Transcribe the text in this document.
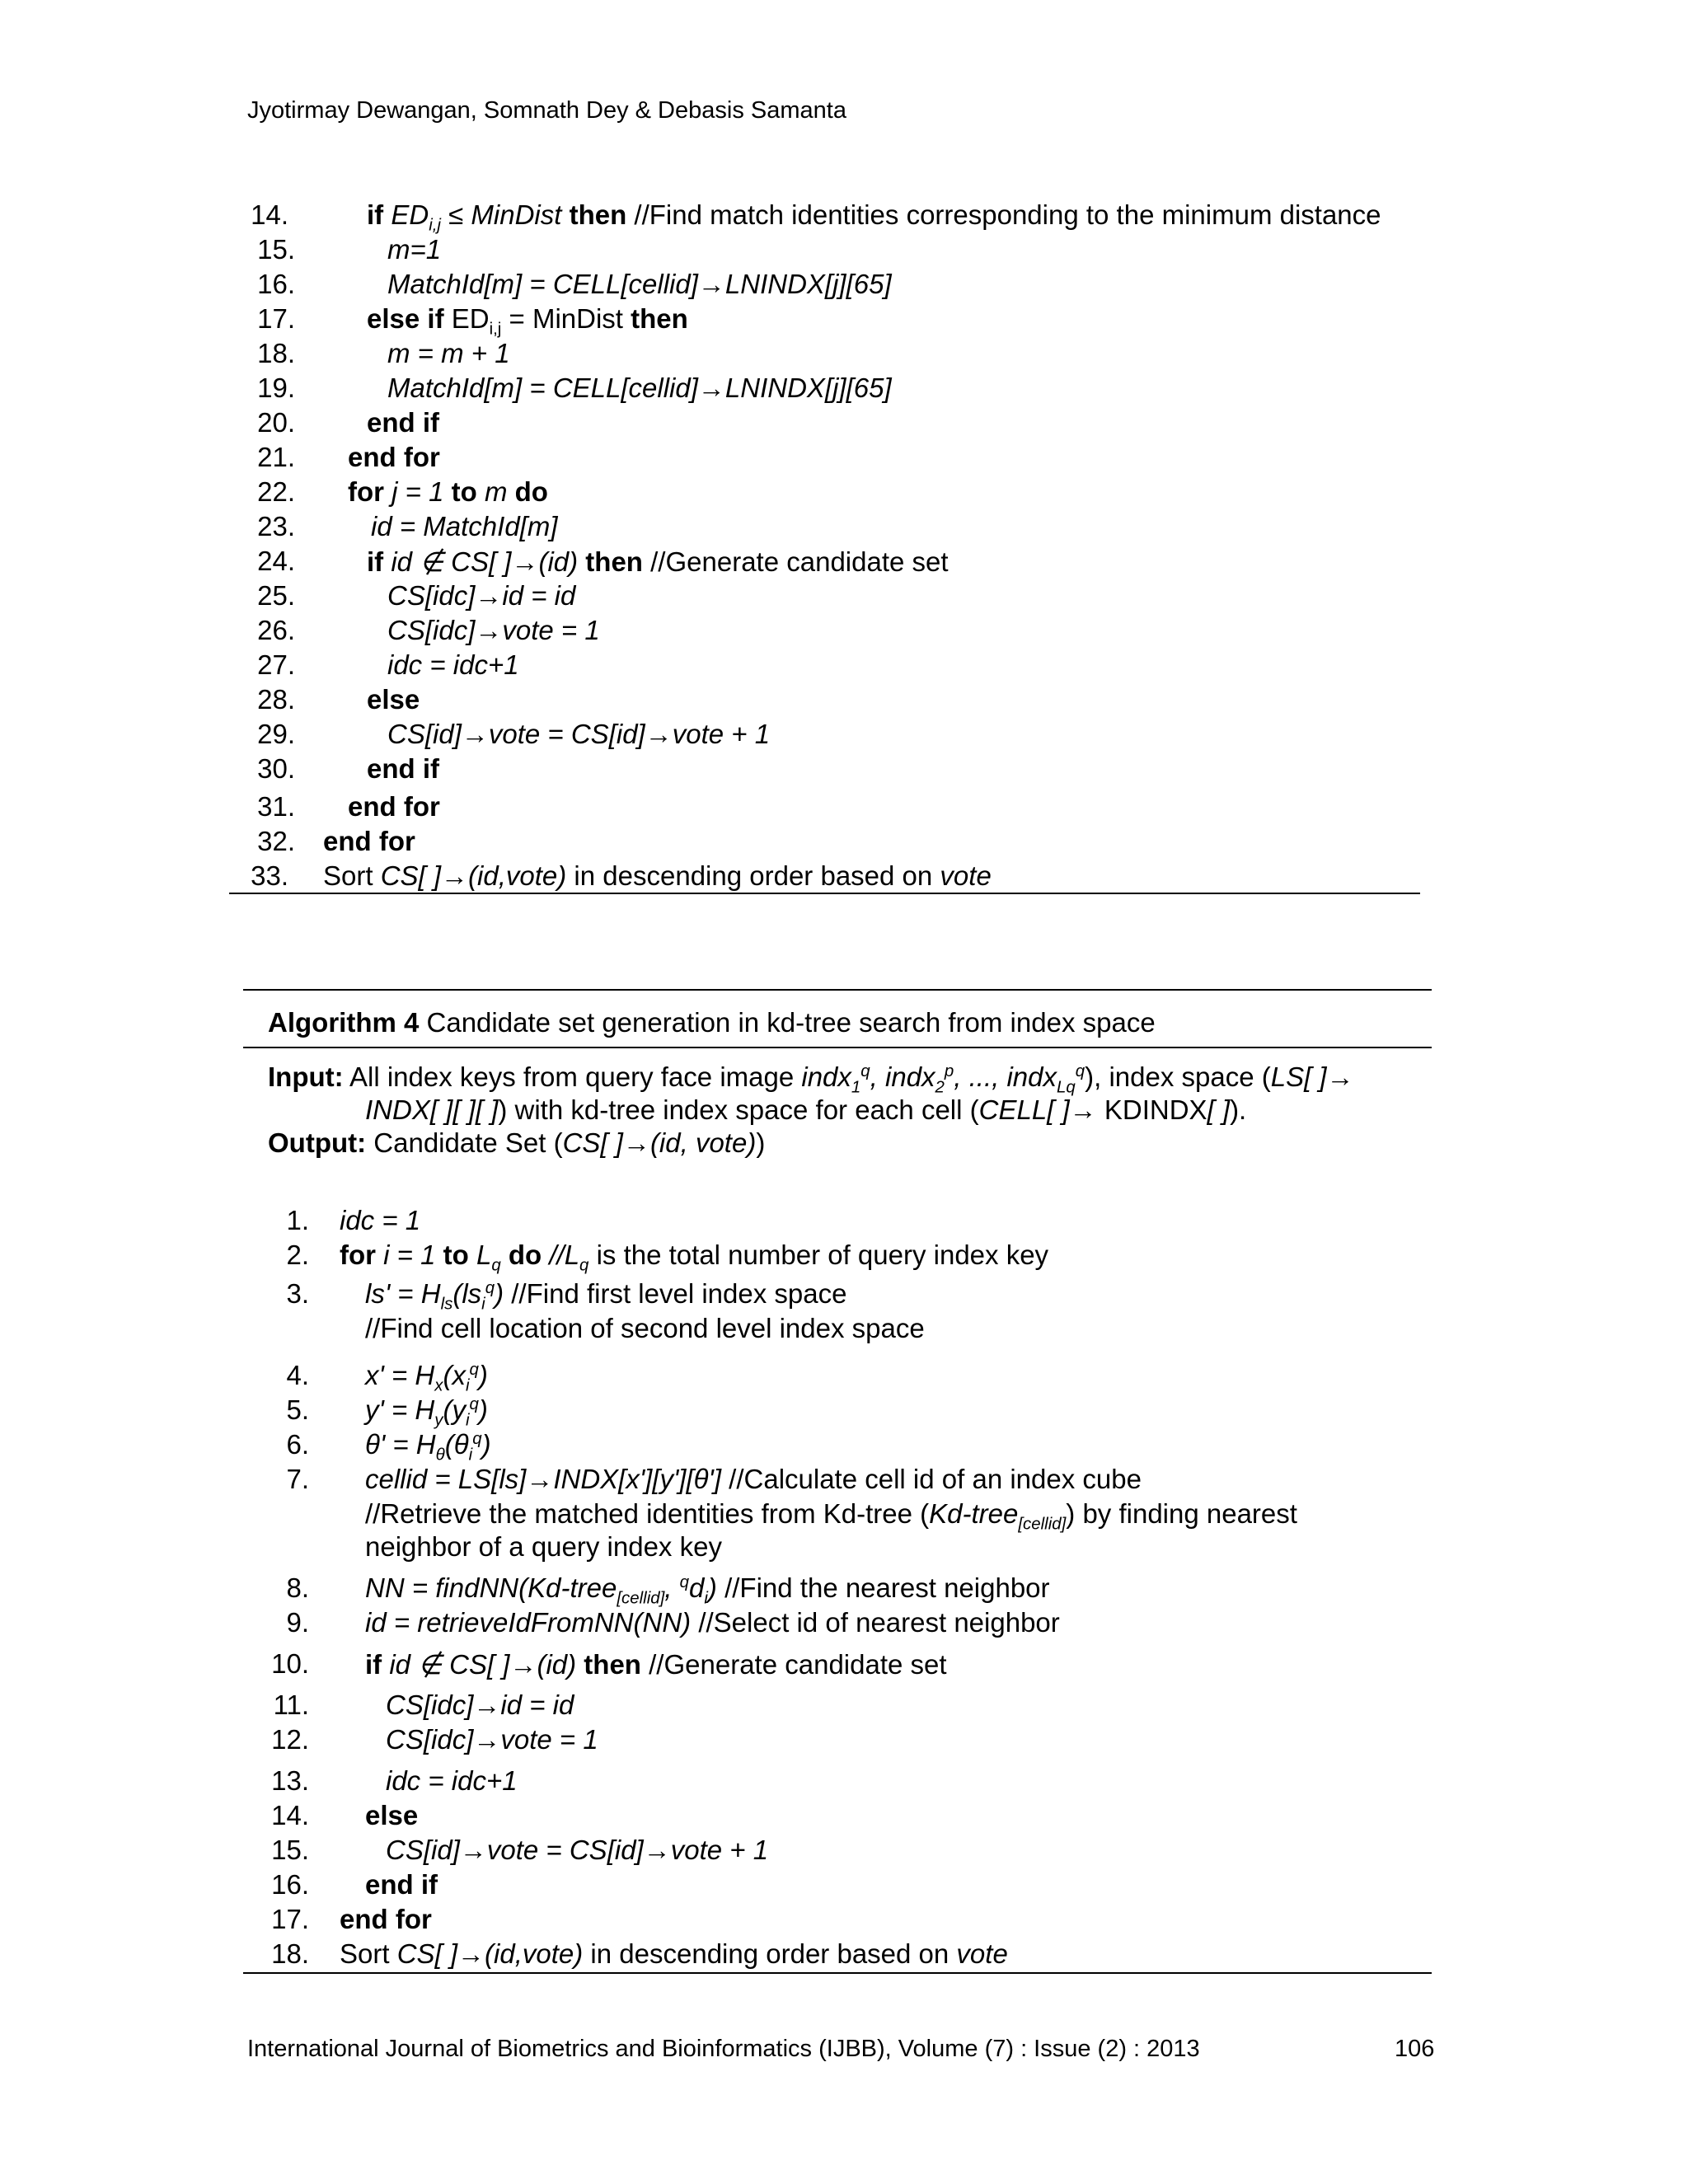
Jyotirmay Dewangan, Somnath Dey & Debasis Samanta
14.	if $ED_{i,j}$ ≤ MinDist then //Find match identities corresponding to the minimum distance
15.	m=1
16.	MatchId[m] = CELL[cellid]→LNINDX[j][65]
17.	else if $ED_{i,j}$ = MinDist then
18.	m = m + 1
19.	MatchId[m] = CELL[cellid]→LNINDX[j][65]
20.	end if
21. end for
22. for j = 1 to m do
23.	id = MatchId[m]
24.	if id ∉ CS[ ]→(id) then //Generate candidate set
25.	CS[idc]→id = id
26.	CS[idc]→vote = 1
27.	idc = idc+1
28.	else
29.	CS[id]→vote = CS[id]→vote + 1
30.	end if
31. end for
32. end for
33. Sort CS[ ]→(id,vote) in descending order based on vote
Algorithm 4 Candidate set generation in kd-tree search from index space
Input: All index keys from query face image indx$_1^q$, indx$_2^p$, ..., indx$_{Lq}^q$), index space (LS[ ]→
INDX[ ][ ][ ]) with kd-tree index space for each cell (CELL[ ]→ KDINDX[ ]).
Output: Candidate Set (CS[ ]→(id, vote))
1. idc = 1
2. for i = 1 to $L_q$ do $//L_q$ is the total number of query index key
3. $ls' = H_{ls}(ls_i^q)$ //Find first level index space
//Find cell location of second level index space
4. $x' = H_x(x_i^q)$
5. $y' = H_y(y_i^q)$
6. $\theta' = H_\theta(\theta_i^q)$
7. cellid = LS[ls]→INDX[x'][y'][θ'] //Calculate cell id of an index cube
//Retrieve the matched identities from Kd-tree (Kd-tree$_{[cellid]}$) by finding nearest
neighbor of a query index key
8. NN = findNN(Kd-tree$_{[cellid]}$, $^qd_i$) //Find the nearest neighbor
9. id = retrieveIdFromNN(NN) //Select id of nearest neighbor
10. if id ∉ CS[ ]→(id) then //Generate candidate set
11.	CS[idc]→id = id
12.	CS[idc]→vote = 1
13.	idc = idc+1
14. else
15.	CS[id]→vote = CS[id]→vote + 1
16. end if
17. end for
18. Sort CS[ ]→(id,vote) in descending order based on vote
International Journal of Biometrics and Bioinformatics (IJBB), Volume (7) : Issue (2) : 2013	106
